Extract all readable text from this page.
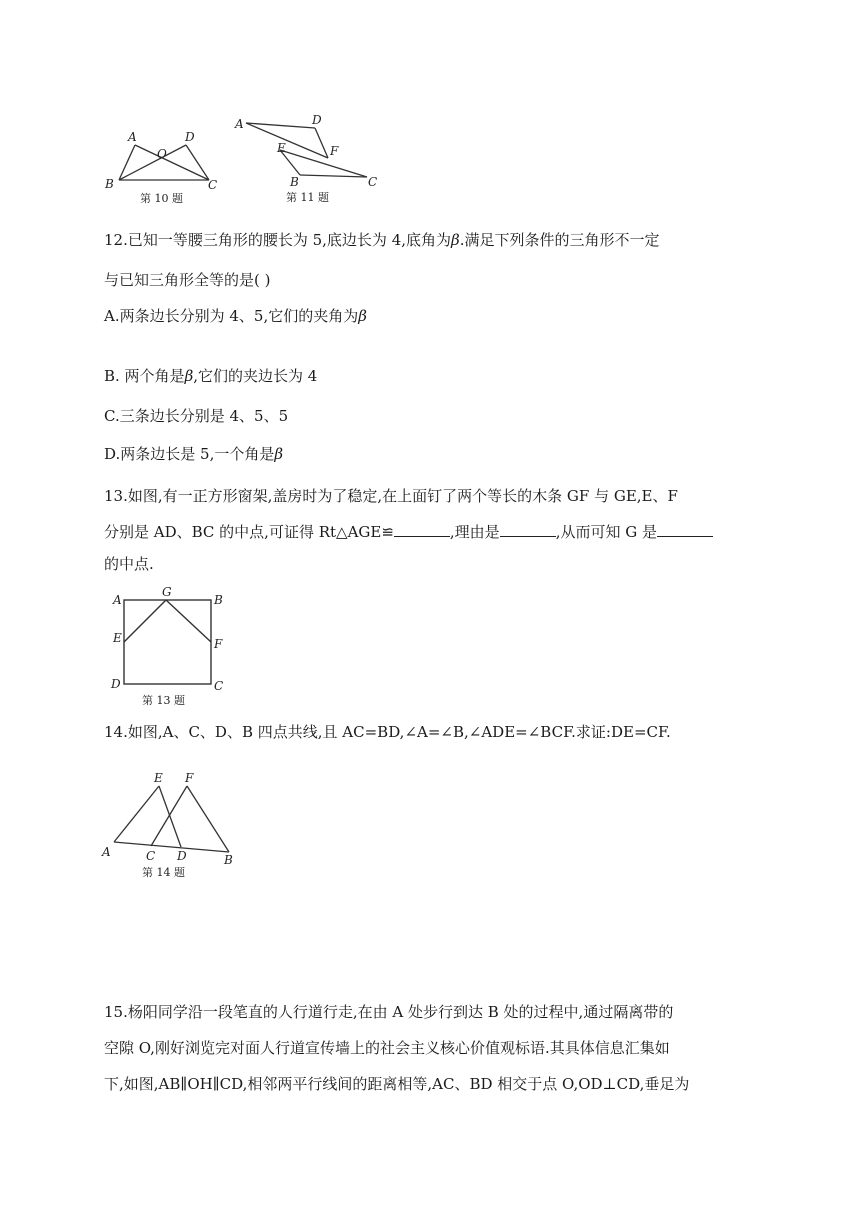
A	D
O
B	C
第 10 题
A	D
E	F
B	C
第 11 题
12.已知一等腰三角形的腰长为 5,底边长为 4,底角为β.满足下列条件的三角形不一定
与已知三角形全等的是( )
A.两条边长分别为 4、5,它们的夹角为β
B. 两个角是β,它们的夹边长为 4
C.三条边长分别是 4、5、5
D.两条边长是 5,一个角是β
13.如图,有一正方形窗架,盖房时为了稳定,在上面钉了两个等长的木条 GF 与 GE,E、F
分别是 AD、BC 的中点,可证得 Rt△AGE≌	,理由是	,从而可知 G 是
的中点.
A
G
B
E	F
D	C
第 13 题
14.如图,A、C、D、B 四点共线,且 AC=BD,∠A=∠B,∠ADE=∠BCF.求证:DE=CF.
E F
A	C D	B
第 14 题
15.杨阳同学沿一段笔直的人行道行走,在由 A 处步行到达 B 处的过程中,通过隔离带的
空隙 O,刚好浏览完对面人行道宣传墙上的社会主义核心价值观标语.其具体信息汇集如
下,如图,AB∥OH∥CD,相邻两平行线间的距离相等,AC、BD 相交于点 O,OD⊥CD,垂足为
